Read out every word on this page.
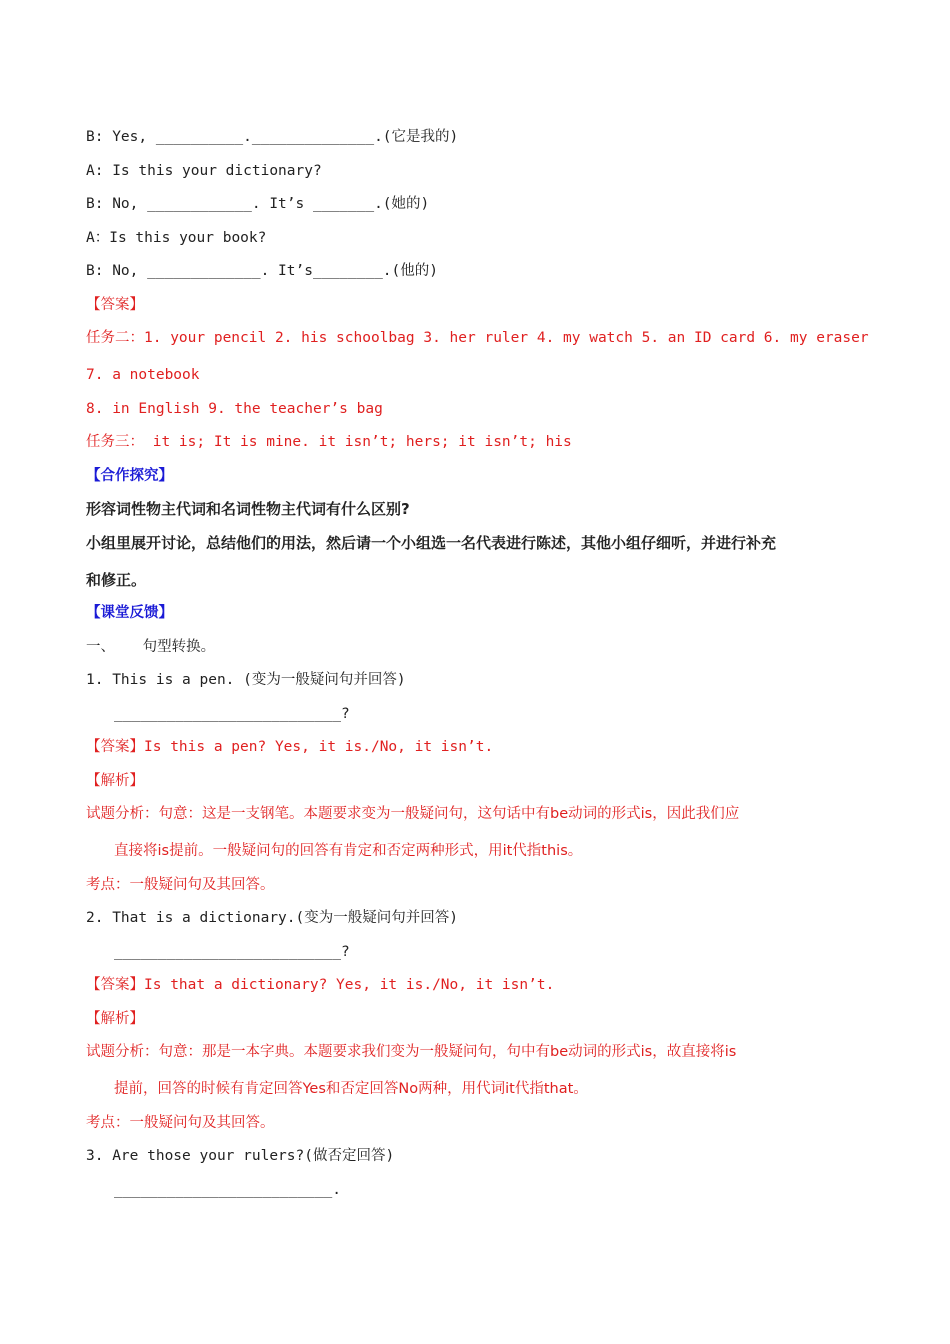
B: Yes, __________.______________.(它是我的)
A: Is this your dictionary?
B: No, ____________. It’s _______.(她的)
A：Is this your book?
B: No, _____________. It’s________.(他的)
【答案】
任务二：1. your pencil 2. his schoolbag 3. her ruler 4. my watch 5. an ID card 6. my eraser
7. a notebook
8. in English 9. the teacher’s bag
任务三： it is; It is mine. it isn’t; hers; it isn’t; his
【合作探究】
形容词性物主代词和名词性物主代词有什么区别?
小组里展开讨论，总结他们的用法，然后请一个小组选一名代表进行陈述，其他小组仔细听，并进行补充
和修正。
【课堂反馈】
一、      句型转换。
1. This is a pen. (变为一般疑问句并回答)
__________________________?
【答案】Is this a pen? Yes, it is./No, it isn’t.
【解析】
试题分析：句意：这是一支钢笔。本题要求变为一般疑问句，这句话中有be动词的形式is，因此我们应
直接将is提前。一般疑问句的回答有肯定和否定两种形式，用it代指this。
考点：一般疑问句及其回答。
2. That is a dictionary.(变为一般疑问句并回答)
__________________________?
【答案】Is that a dictionary? Yes, it is./No, it isn’t.
【解析】
试题分析：句意：那是一本字典。本题要求我们变为一般疑问句，句中有be动词的形式is，故直接将is
提前，回答的时候有肯定回答Yes和否定回答No两种，用代词it代指that。
考点：一般疑问句及其回答。
3. Are those your rulers?(做否定回答)
_________________________.
